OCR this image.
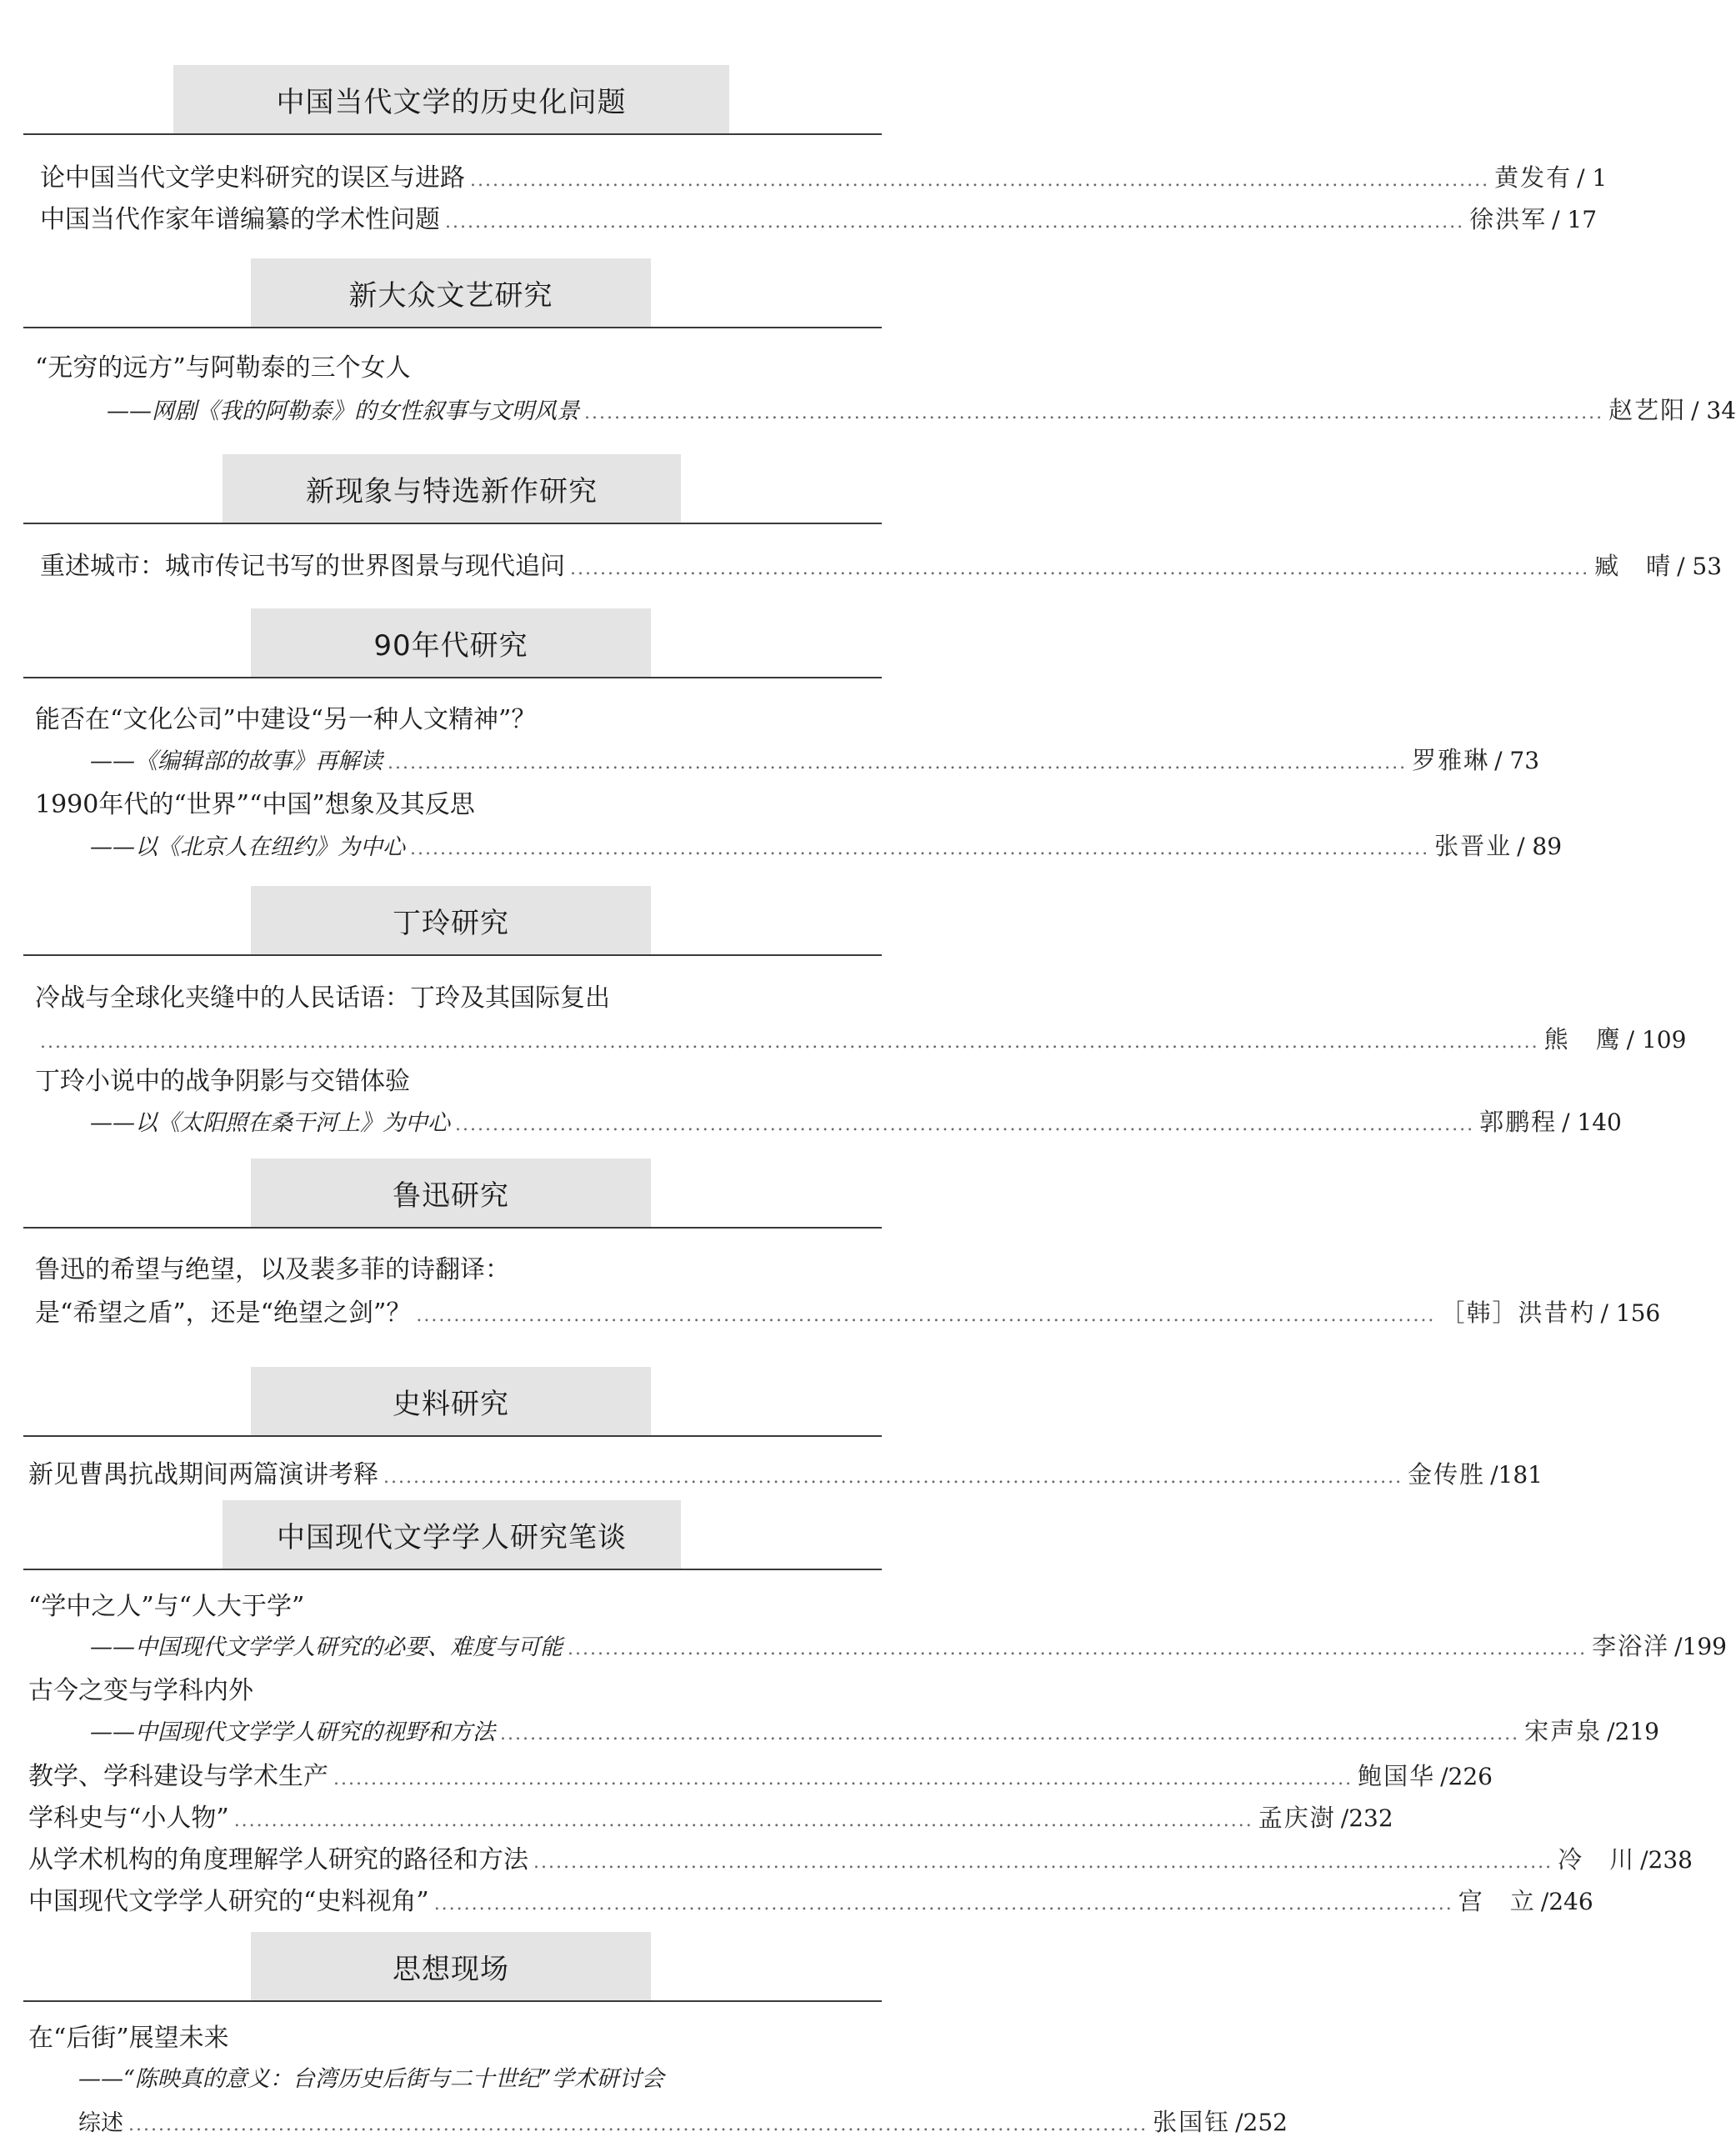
中国当代文学的历史化问题
论中国当代文学史料研究的误区与进路 ........................................................................................................................................ 黄发有 / 1
中国当代作家年谱编纂的学术性问题 ........................................................................................................................................ 徐洪军 / 17
新大众文艺研究
“无穷的远方”与阿勒泰的三个女人
——网剧《我的阿勒泰》的女性叙事与文明风景 ........................................................................................................................................ 赵艺阳 / 34
新现象与特选新作研究
重述城市：城市传记书写的世界图景与现代追问 ........................................................................................................................................ 臧　晴 / 53
90年代研究
能否在“文化公司”中建设“另一种人文精神”？
——《编辑部的故事》再解读 ........................................................................................................................................ 罗雅琳 / 73
1990年代的“世界”“中国”想象及其反思
——以《北京人在纽约》为中心 ........................................................................................................................................ 张晋业 / 89
丁玲研究
冷战与全球化夹缝中的人民话语：丁玲及其国际复出
........................................................................................................................................................................................................ 熊　鹰 / 109
丁玲小说中的战争阴影与交错体验
——以《太阳照在桑干河上》为中心 ........................................................................................................................................ 郭鹏程 / 140
鲁迅研究
鲁迅的希望与绝望，以及裴多菲的诗翻译：
是“希望之盾”，还是“绝望之剑”？ ........................................................................................................................................ ［韩］洪昔杓 / 156
史料研究
新见曹禺抗战期间两篇演讲考释 ........................................................................................................................................ 金传胜 /181
中国现代文学学人研究笔谈
“学中之人”与“人大于学”
——中国现代文学学人研究的必要、难度与可能 ........................................................................................................................................ 李浴洋 /199
古今之变与学科内外
——中国现代文学学人研究的视野和方法 ........................................................................................................................................ 宋声泉 /219
教学、学科建设与学术生产 ........................................................................................................................................ 鲍国华 /226
学科史与“小人物” ........................................................................................................................................ 孟庆澍 /232
从学术机构的角度理解学人研究的路径和方法 ........................................................................................................................................ 冷　川 /238
中国现代文学学人研究的“史料视角” ........................................................................................................................................ 宫　立 /246
思想现场
在“后街”展望未来
——“陈映真的意义：台湾历史后街与二十世纪”学术研讨会
综述 ........................................................................................................................................ 张国钰 /252
